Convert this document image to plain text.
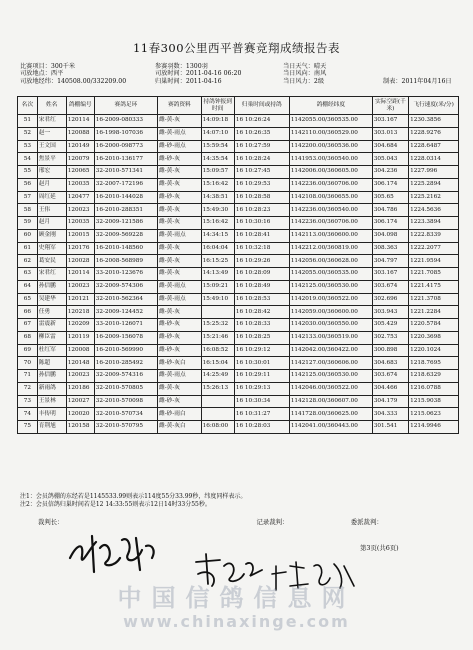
11春300公里西平普赛竞翔成绩报告表
比赛项目：300千米	参赛羽数：1300羽	当日天气：晴天
司放地点：西平	司放时间：2011-04-16 06:20	当日风向：南风
司放地经纬：140508.00/332209.00	归巢时间：2011-04-16	当日风力：2级	制表：2011年04月16日
名次	姓名	鸽棚编号	赛鸽足环	赛鸽资料	持鸽钟报到时间	归巢时间或持鸽	鸽棚经纬度	实际空距(千米)	飞行速度(米/分)
51	宋君红	120114	16-2009-080333	雌-黄-灰	14:09:18	16 10:26:24	1142055.00/360535.00	303.167	1230.3856
52	赵一	120088	16-1998-107036	雌-黄-雨点	14:07:10	16 10:26:35	1142110.00/360529.00	303.013	1228.9276
53	王文国	120149	16-2000-098773	雌-砂-雨点	15:59:54	16 10:27:59	1142200.00/360536.00	304.684	1228.6487
54	焦景平	120079	16-2010-136177	雌-砂-灰	14:35:54	16 10:28:24	1141953.00/360540.00	305.043	1228.0314
55	邢宏	120065	32-2010-571341	雌-黄-灰	15:09:57	16 10:27:45	1142006.00/360605.00	304.236	1227.996
56	赵月	120035	32-2007-172196	雌-黄-灰	15:16:42	16 10:29:53	1142236.00/360706.00	306.174	1225.2894
57	周红延	120477	16-2010-144028	雌-砂-灰	14:38:51	16 10:28:58	1142108.00/360655.00	305.65	1225.2162
58	王伟	120023	16-2010-288351	雌-黄-灰	15:49:30	16 10:28:23	1142236.00/360540.00	304.786	1224.5636
59	赵月	120035	32-2009-121586	雌-黄-灰	15:16:42	16 10:30:16	1142236.00/360706.00	306.174	1223.3894
60	顾金刚	120015	32-2009-569228	雌-黄-雨点	14:34:15	16 10:28:41	1142113.00/360600.00	304.098	1222.8339
61	史翔军	120176	16-2010-148560	雌-黄-灰	16:04:04	16 10:32:18	1142212.00/360819.00	308.363	1222.2077
62	葛安民	120028	16-2008-568989	雌-黄-灰	16:15:25	16 10:29:26	1142056.00/360628.00	304.797	1221.9594
63	宋君红	120114	33-2010-123676	雌-黄-灰	14:13:49	16 10:28:09	1142055.00/360535.00	303.167	1221.7085
64	孙信鹏	120023	32-2009-574306	雌-黄-雨点	15:09:21	16 10:28:49	1142125.00/360530.00	303.674	1221.4175
65	吴建华	120121	32-2010-562364	雌-黄-雨点	15:49:10	16 10:28:53	1142019.00/360522.00	302.696	1221.3708
66	任勇	120218	32-2009-124452	雌-黄-灰		16 10:28:42	1142059.00/360600.00	303.943	1221.2284
67	雷震新	120209	33-2010-126071	雌-砂-灰	15:25:32	16 10:28:33	1142030.00/360550.00	305.429	1220.5784
68	柳臣雷	120119	16-2009-156078	雌-砂-灰	15:21:46	16 10:28:25	1142133.00/360519.00	302.753	1220.3698
69	杜红军	120008	16-2010-569990	雌-砂-灰	16:08:52	16 10:29:12	1142042.00/360422.00	300.898	1220.1024
70	陈超	120148	16-2010-285492	雌-砂-灰白	16:15:04	16 10:30:01	1142127.00/360606.00	304.683	1218.7695
71	孙信鹏	120023	32-2009-574316	雌-黄-雨点	14:25:49	16 10:29:11	1142125.00/360530.00	303.674	1218.6329
72	新雨鸽	120186	32-2010-570805	雌-黄-灰	15:26:13	16 10:29:13	1142046.00/360522.00	304.466	1216.0788
73	王景林	120027	32-2010-570098	雌-砂-灰		16 10:30:34	1142128.00/360607.00	304.179	1215.9038
74	丰传明	120020	32-2010-570734	雌-砂-雨白		16 10:31:27	1141728.00/360625.00	304.333	1215.0623
75	育荆旭	120158	32-2010-570795	雌-黄-灰白	16:08:00	16 10:28:03	1142041.00/360443.00	301.541	1214.9946
注1：会员鸽棚的东经若是1145533.99则表示114度55分33.99秒，纬度同样表示。
注2：会员信鸽归巢时间若是12 14:33:55则表示12日14时33分55秒。
裁判长：	记录裁判：	委派裁判：
第3页(共6页)
中国信鸽信息网
www.chinaxinge.com
